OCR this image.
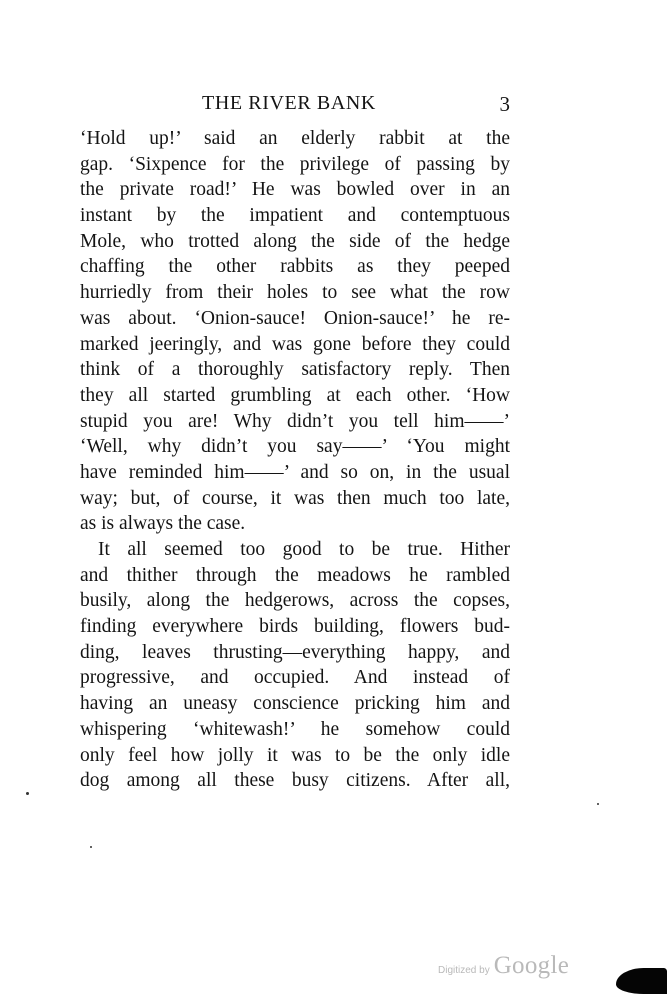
THE RIVER BANK	3
‘Hold up!’ said an elderly rabbit at the
gap. ‘Sixpence for the privilege of passing by
the private road!’ He was bowled over in an
instant by the impatient and contemptuous
Mole, who trotted along the side of the hedge
chaffing the other rabbits as they peeped
hurriedly from their holes to see what the row
was about. ‘Onion-sauce! Onion-sauce!’ he re-
marked jeeringly, and was gone before they could
think of a thoroughly satisfactory reply. Then
they all started grumbling at each other. ‘How
stupid you are! Why didn’t you tell him——’
‘Well, why didn’t you say——’ ‘You might
have reminded him——’ and so on, in the usual
way; but, of course, it was then much too late,
as is always the case.
It all seemed too good to be true. Hither
and thither through the meadows he rambled
busily, along the hedgerows, across the copses,
finding everywhere birds building, flowers bud-
ding, leaves thrusting—everything happy, and
progressive, and occupied. And instead of
having an uneasy conscience pricking him and
whispering ‘whitewash!’ he somehow could
only feel how jolly it was to be the only idle
dog among all these busy citizens. After all,
Digitized by Google
